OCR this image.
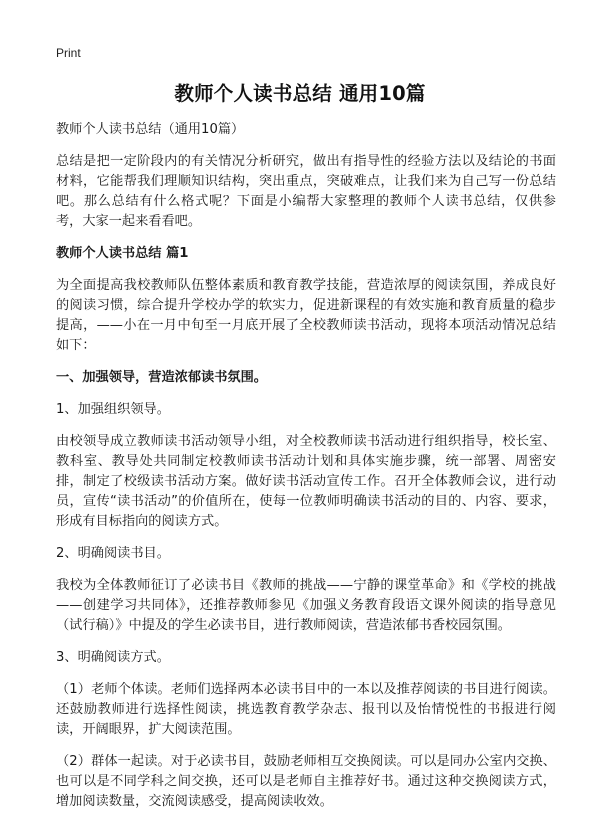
Print
教师个人读书总结 通用10篇

教师个人读书总结（通用10篇）

总结是把一定阶段内的有关情况分析研究，做出有指导性的经验方法以及结论的书面材料，它能帮我们理顺知识结构，突出重点，突破难点，让我们来为自己写一份总结吧。那么总结有什么格式呢？下面是小编帮大家整理的教师个人读书总结，仅供参考，大家一起来看看吧。

教师个人读书总结 篇1

为全面提高我校教师队伍整体素质和教育教学技能，营造浓厚的阅读氛围，养成良好的阅读习惯，综合提升学校办学的软实力，促进新课程的有效实施和教育质量的稳步提高，——小在一月中旬至一月底开展了全校教师读书活动，现将本项活动情况总结如下：

一、加强领导，营造浓郁读书氛围。

1、加强组织领导。

由校领导成立教师读书活动领导小组，对全校教师读书活动进行组织指导，校长室、教科室、教导处共同制定校教师读书活动计划和具体实施步骤，统一部署、周密安排，制定了校级读书活动方案。做好读书活动宣传工作。召开全体教师会议，进行动员，宣传“读书活动”的价值所在，使每一位教师明确读书活动的目的、内容、要求，形成有目标指向的阅读方式。

2、明确阅读书目。

我校为全体教师征订了必读书目《教师的挑战——宁静的课堂革命》和《学校的挑战——创建学习共同体》，还推荐教师参见《加强义务教育段语文课外阅读的指导意见（试行稿）》中提及的学生必读书目，进行教师阅读，营造浓郁书香校园氛围。

3、明确阅读方式。

（1）老师个体读。老师们选择两本必读书目中的一本以及推荐阅读的书目进行阅读。还鼓励教师进行选择性阅读，挑选教育教学杂志、报刊以及怡情悦性的书报进行阅读，开阔眼界，扩大阅读范围。

（2）群体一起读。对于必读书目，鼓励老师相互交换阅读。可以是同办公室内交换、也可以是不同学科之间交换，还可以是老师自主推荐好书。通过这种交换阅读方式，增加阅读数量，交流阅读感受，提高阅读收效。
